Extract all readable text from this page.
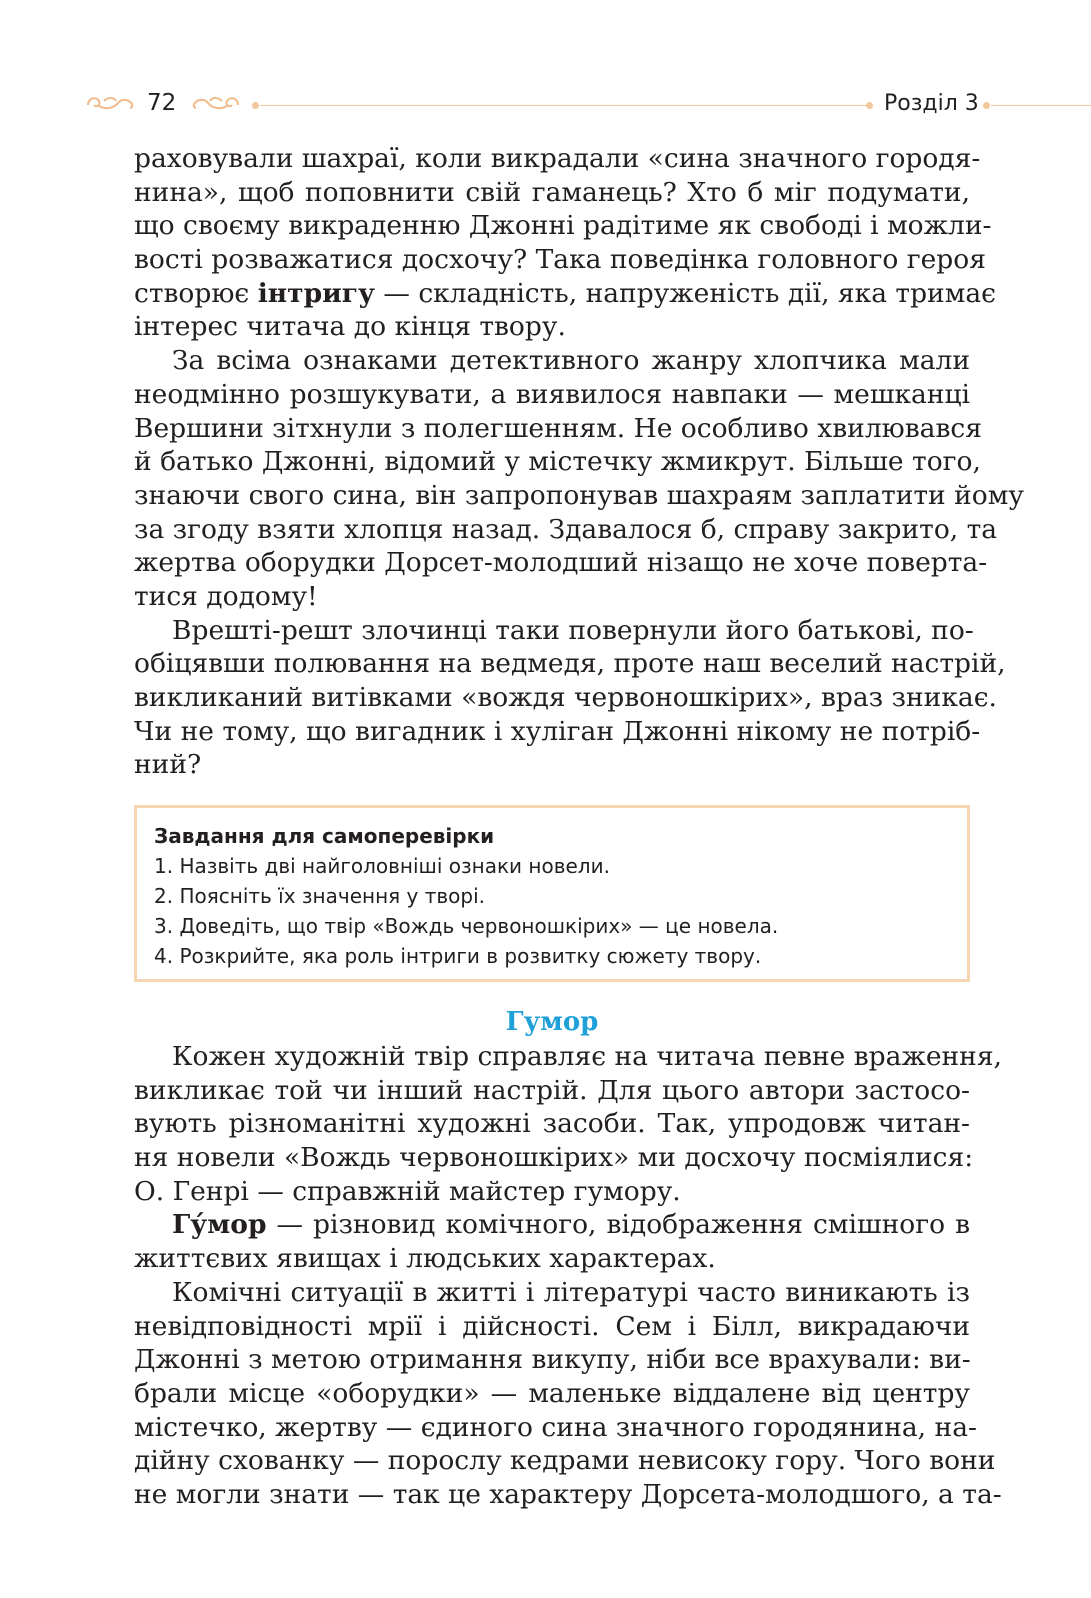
72	Розділ 3
раховували шахраї, коли викрадали «сина значного городя-
нина», щоб поповнити свій гаманець? Хто б міг подумати,
що своєму викраденню Джонні радітиме як свободі і можли-
вості розважатися досхочу? Така поведінка головного героя
створює інтригу — складність, напруженість дії, яка тримає
інтерес читача до кінця твору.
За всіма ознаками детективного жанру хлопчика мали
неодмінно розшукувати, а виявилося навпаки — мешканці
Вершини зітхнули з полегшенням. Не особливо хвилювався
й батько Джонні, відомий у містечку жмикрут. Більше того,
знаючи свого сина, він запропонував шахраям заплатити йому
за згоду взяти хлопця назад. Здавалося б, справу закрито, та
жертва оборудки Дорсет-молодший нізащо не хоче поверта-
тися додому!
Врешті-решт злочинці таки повернули його батькові, по-
обіцявши полювання на ведмедя, проте наш веселий настрій,
викликаний витівками «вождя червоношкірих», враз зникає.
Чи не тому, що вигадник і хуліган Джонні нікому не потріб-
ний?
Завдання для самоперевірки
1. Назвіть дві найголовніші ознаки новели.
2. Поясніть їх значення у творі.
3. Доведіть, що твір «Вождь червоношкірих» — це новела.
4. Розкрийте, яка роль інтриги в розвитку сюжету твору.
Гумор
Кожен художній твір справляє на читача певне враження,
викликає той чи інший настрій. Для цього автори застосо-
вують різноманітні художні засоби. Так, упродовж читан-
ня новели «Вождь червоношкірих» ми досхочу посміялися:
О. Генрі — справжній майстер гумору.
Гу́мор — різновид комічного, відображення смішного в
життєвих явищах і людських характерах.
Комічні ситуації в житті і літературі часто виникають із
невідповідності мрії і дійсності. Сем і Білл, викрадаючи
Джонні з метою отримання викупу, ніби все врахували: ви-
брали місце «оборудки» — маленьке віддалене від центру
містечко, жертву — єдиного сина значного городянина, на-
дійну схованку — порослу кедрами невисоку гору. Чого вони
не могли знати — так це характеру Дорсета-молодшого, а та-
